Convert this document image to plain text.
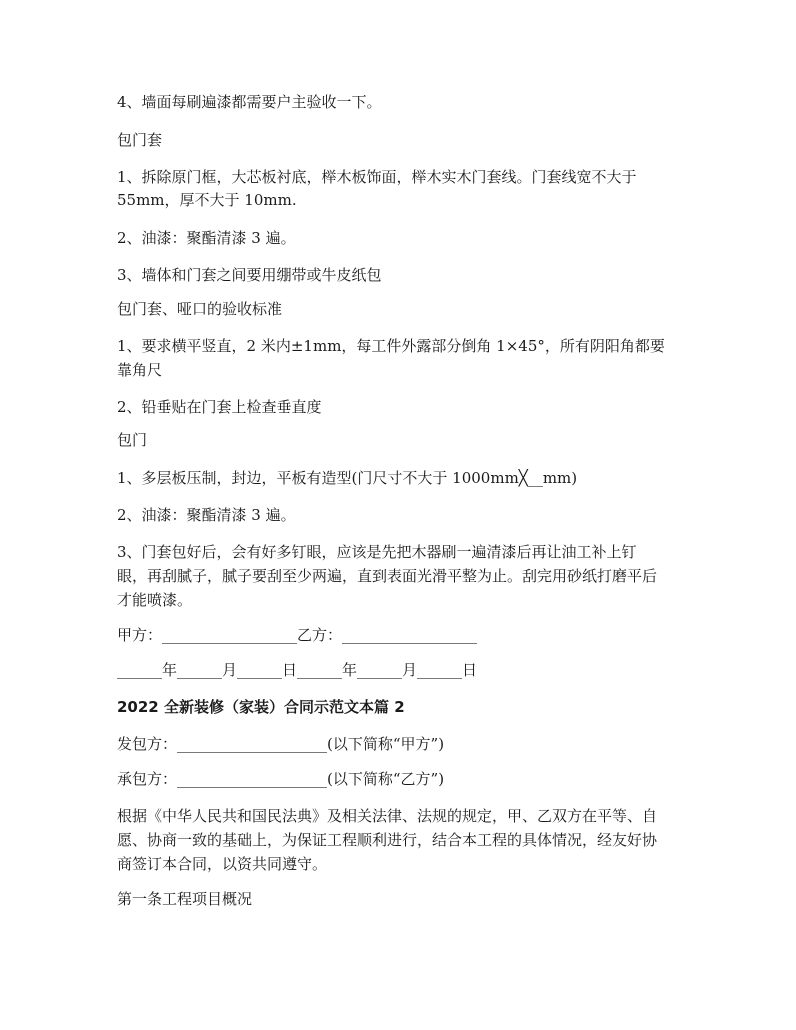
4、墙面每刷遍漆都需要户主验收一下。
包门套
1、拆除原门框，大芯板衬底，榉木板饰面，榉木实木门套线。门套线宽不大于
55mm，厚不大于 10mm.
2、油漆：聚酯清漆 3 遍。
3、墙体和门套之间要用绷带或牛皮纸包
包门套、哑口的验收标准
1、要求横平竖直，2 米内±1mm，每工件外露部分倒角 1×45°，所有阴阳角都要
靠角尺
2、铅垂贴在门套上检查垂直度
包门
1、多层板压制，封边，平板有造型(门尺寸不大于 1000mm╳__mm)
2、油漆：聚酯清漆 3 遍。
3、门套包好后，会有好多钉眼，应该是先把木器刷一遍清漆后再让油工补上钉
眼，再刮腻子，腻子要刮至少两遍，直到表面光滑平整为止。刮完用砂纸打磨平后
才能喷漆。
甲方：__________________乙方：__________________
______年______月______日______年______月______日
2022 全新装修（家装）合同示范文本篇 2
发包方：____________________(以下简称“甲方”)
承包方：____________________(以下简称“乙方”)
根据《中华人民共和国民法典》及相关法律、法规的规定，甲、乙双方在平等、自
愿、协商一致的基础上，为保证工程顺利进行，结合本工程的具体情况，经友好协
商签订本合同，以资共同遵守。
第一条工程项目概况
